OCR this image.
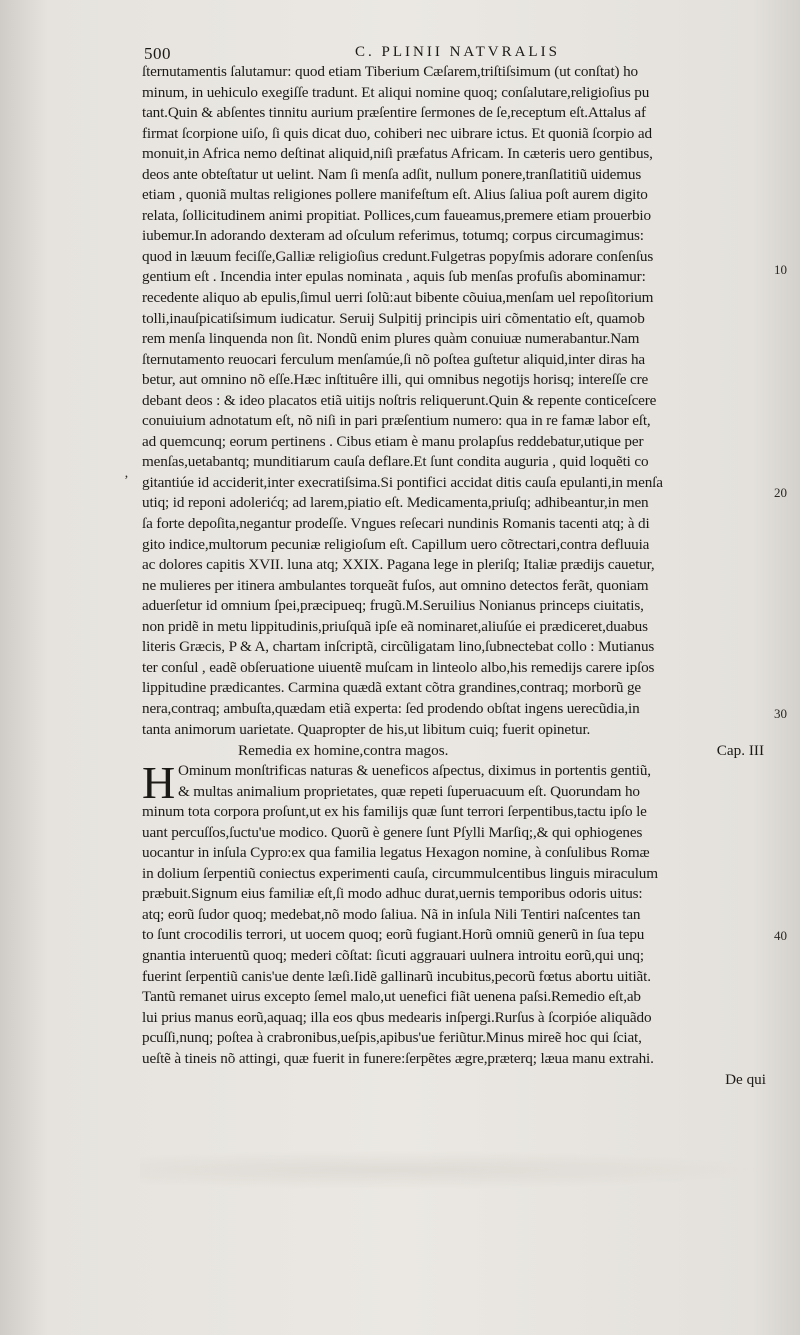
500	C. PLINII NATVRALIS
ſternutamentis ſalutamur: quod etiam Tiberium Cæſarem,triſtiſsimum (ut conſtat) ho
minum, in uehiculo exegiſſe tradunt. Et aliqui nomine quoq; conſalutare,religioſius pu
tant.Quin & abſentes tinnitu aurium præſentire ſermones de ſe,receptum eſt.Attalus af
firmat ſcorpione uiſo, ſi quis dicat duo, cohiberi nec uibrare ictus. Et quoniã ſcorpio ad
monuit,in Africa nemo deſtinat aliquid,niſi præfatus Africam. In cæteris uero gentibus,
deos ante obteſtatur ut uelint. Nam ſi menſa adſit, nullum ponere,tranſlatitiũ uidemus
etiam , quoniã multas religiones pollere manifeſtum eſt. Alius ſaliua poſt aurem digito
relata, ſollicitudinem animi propitiat. Pollices,cum faueamus,premere etiam prouerbio
iubemur.In adorando dexteram ad oſculum referimus, totumq; corpus circumagimus:
quod in læuum feciſſe,Galliæ religioſius credunt.Fulgetras popyſmis adorare conſenſus
gentium eſt . Incendia inter epulas nominata , aquis ſub menſas profuſis abominamur:
recedente aliquo ab epulis,ſimul uerri ſolũ:aut bibente cõuiua,menſam uel repoſitorium
tolli,inauſpicatiſsimum iudicatur. Seruij Sulpitij principis uiri cõmentatio eſt, quamob
rem menſa linquenda non ſit. Nondũ enim plures quàm conuiuæ numerabantur.Nam
ſternutamento reuocari ferculum menſamúe,ſi nõ poſtea guſtetur aliquid,inter diras ha
betur, aut omnino nõ eſſe.Hæc inſtituêre illi, qui omnibus negotijs horisq; intereſſe cre
debant deos : & ideo placatos etiã uitijs noſtris reliquerunt.Quin & repente conticeſcere
conuiuium adnotatum eſt, nõ niſi in pari præſentium numero: qua in re famæ labor eſt,
ad quemcunq; eorum pertinens . Cibus etiam è manu prolapſus reddebatur,utique per
menſas,uetabantq; munditiarum cauſa deflare.Et ſunt condita auguria , quid loquẽti co
gitantiúe id acciderit,inter execratiſsima.Si pontifici accidat ditis cauſa epulanti,in menſa
utiq; id reponi adolerićq; ad larem,piatio eſt. Medicamenta,priuſq; adhibeantur,in men
ſa forte depoſita,negantur prodeſſe. Vngues reſecari nundinis Romanis tacenti atq; à di
gito indice,multorum pecuniæ religioſum eſt. Capillum uero cõtrectari,contra defluuia
ac dolores capitis XVII. luna atq; XXIX. Pagana lege in pleriſq; Italiæ prædijs cauetur,
ne mulieres per itinera ambulantes torqueãt fuſos, aut omnino detectos ferãt, quoniam
aduerſetur id omnium ſpei,præcipueq; frugũ.M.Seruilius Nonianus princeps ciuitatis,
non pridẽ in metu lippitudinis,priuſquã ipſe eã nominaret,aliuſúe ei prædiceret,duabus
literis Græcis, P & A, chartam inſcriptã, circũligatam lino,ſubnectebat collo : Mutianus
ter conſul , eadẽ obſeruatione uiuentẽ muſcam in linteolo albo,his remedijs carere ipſos
lippitudine prædicantes. Carmina quædã extant cõtra grandines,contraq; morborũ ge
nera,contraq; ambuſta,quædam etiã experta: ſed prodendo obſtat ingens uerecũdia,in
tanta animorum uarietate. Quapropter de his,ut libitum cuiq; fuerit opinetur.
Remedia ex homine,contra magos.	Cap. III
H Ominum monſtrificas naturas & ueneficos aſpectus, diximus in portentis gentiũ,
& multas animalium proprietates, quæ repeti ſuperuacuum eſt. Quorundam ho
minum tota corpora proſunt,ut ex his familijs quæ ſunt terrori ſerpentibus,tactu ipſo le
uant percuſſos,ſuctu'ue modico. Quorũ è genere ſunt Pſylli Marſiq;,& qui ophiogenes
uocantur in inſula Cypro:ex qua familia legatus Hexagon nomine, à conſulibus Romæ
in dolium ſerpentiũ coniectus experimenti cauſa, circummulcentibus linguis miraculum
præbuit.Signum eius familiæ eſt,ſi modo adhuc durat,uernis temporibus odoris uitus:
atq; eorũ ſudor quoq; medebat,nõ modo ſaliua. Nã in inſula Nili Tentiri naſcentes tan
to ſunt crocodilis terrori, ut uocem quoq; eorũ fugiant.Horũ omniũ generũ in ſua tepu
gnantia interuentũ quoq; mederi cõſtat: ſicuti aggrauari uulnera introitu eorũ,qui unq;
fuerint ſerpentiũ canis'ue dente læſi.Iidẽ gallinarũ incubitus,pecorũ fœtus abortu uitiãt.
Tantũ remanet uirus excepto ſemel malo,ut uenefici fiãt uenena paſsi.Remedio eſt,ab
lui prius manus eorũ,aquaq; illa eos qbus medearis inſpergi.Rurſus à ſcorpióe aliquãdo
pcuſſi,nunq; poſtea à crabronibus,ueſpis,apibus'ue feriũtur.Minus mireẽ hoc qui ſciat,
ueſtẽ à tineis nõ attingi, quæ fuerit in funere:ſerpẽtes ægre,præterq; læua manu extrahi.
De qui
10
20
30
40
‚
